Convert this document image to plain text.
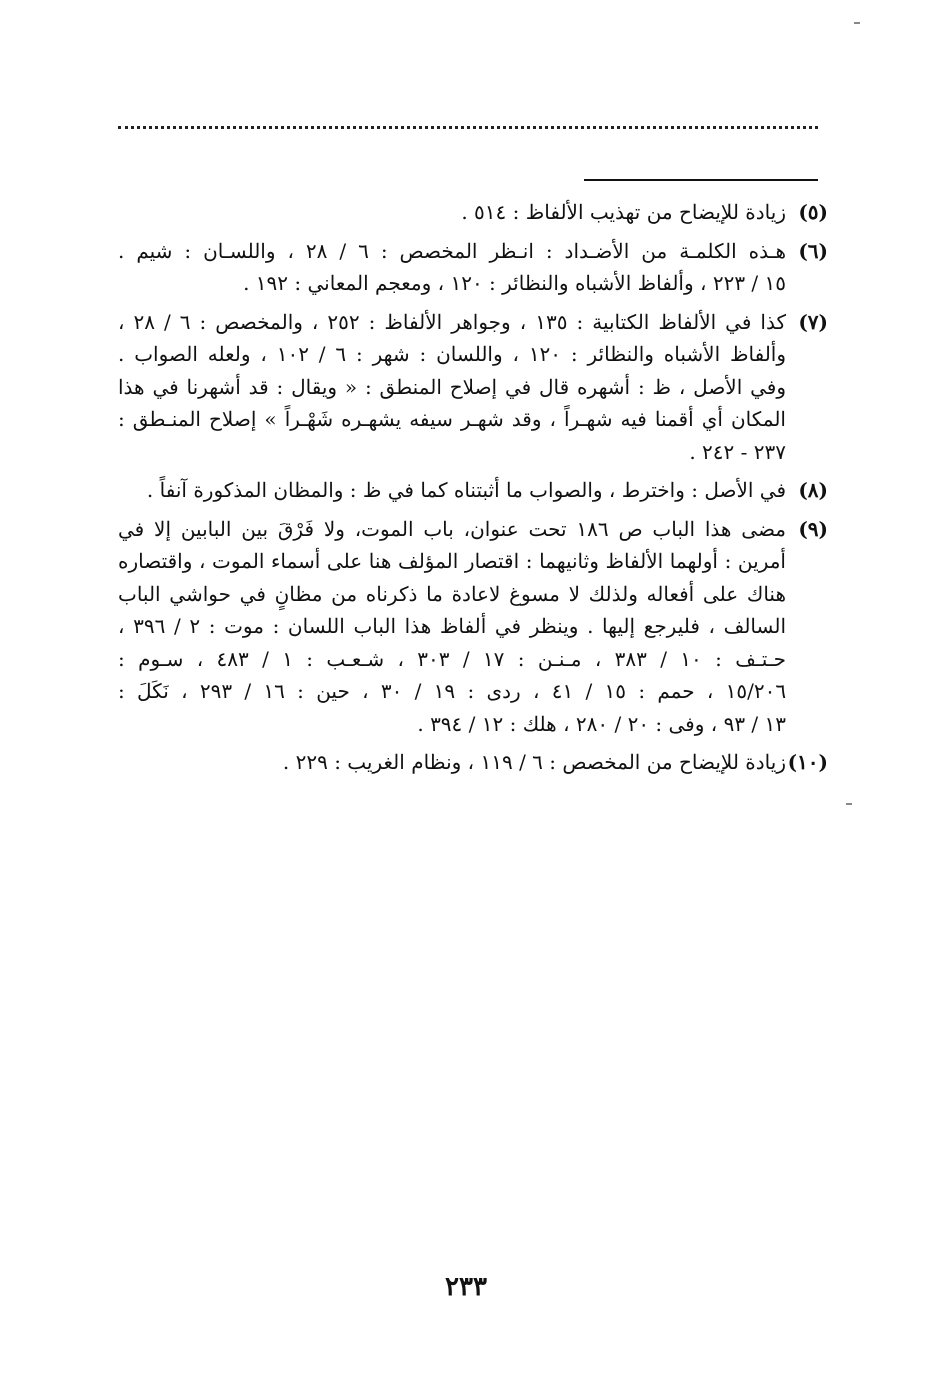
(٥)
زيادة للإيضاح من تهذيب الألفاظ : ٥١٤ .
(٦)
هـذه الكلمـة من الأضـداد : انـظر المخصص : ٦ / ٢٨ ، واللسـان : شيم .
١٥ / ٢٢٣ ، وألفاظ الأشباه والنظائر : ١٢٠ ، ومعجم المعاني : ١٩٢ .
(٧)
كذا في الألفاظ الكتابية : ١٣٥ ، وجواهر الألفاظ : ٢٥٢ ، والمخصص : ٦ / ٢٨ ،
وألفاظ الأشباه والنظائر : ١٢٠ ، واللسان : شهر : ٦ / ١٠٢ ، ولعله الصواب .
وفي الأصل ، ظ : أشهره قال في إصلاح المنطق : « ويقال : قد أشهرنا في هذا
المكان أي أقمنا فيه شهـراً ، وقد شهـر سيفه يشهـره شَهْـراً » إصلاح المنـطق :
٢٣٧ - ٢٤٢ .
(٨)
في الأصل : واخترط ، والصواب ما أثبتناه كما في ظ : والمظان المذكورة آنفاً .
(٩)
مضى هذا الباب ص ١٨٦ تحت عنوان، باب الموت، ولا فَرْقَ بين البابين إلا في
أمرين : أولهما الألفاظ وثانيهما : اقتصار المؤلف هنا على أسماء الموت ، واقتصاره
هناك على أفعاله ولذلك لا مسوغ لاعادة ما ذكرناه من مظانٍ في حواشي الباب
السالف ، فليرجع إليها . وينظر في ألفاظ هذا الباب اللسان : موت : ٢ / ٣٩٦ ،
حـتـف : ١٠ / ٣٨٣ ، مـنـن : ١٧ / ٣٠٣ ، شـعـب : ١ / ٤٨٣ ، سـوم :
١٥/٢٠٦ ، حمم : ١٥ / ٤١ ، ردى : ١٩ / ٣٠ ، حين : ١٦ / ٢٩٣ ، نَكَلَ :
١٣ / ٩٣ ، وفى : ٢٠ / ٢٨٠ ، هلك : ١٢ / ٣٩٤ .
(١٠)
زيادة للإيضاح من المخصص : ٦ / ١١٩ ، ونظام الغريب : ٢٢٩ .
٢٣٣
